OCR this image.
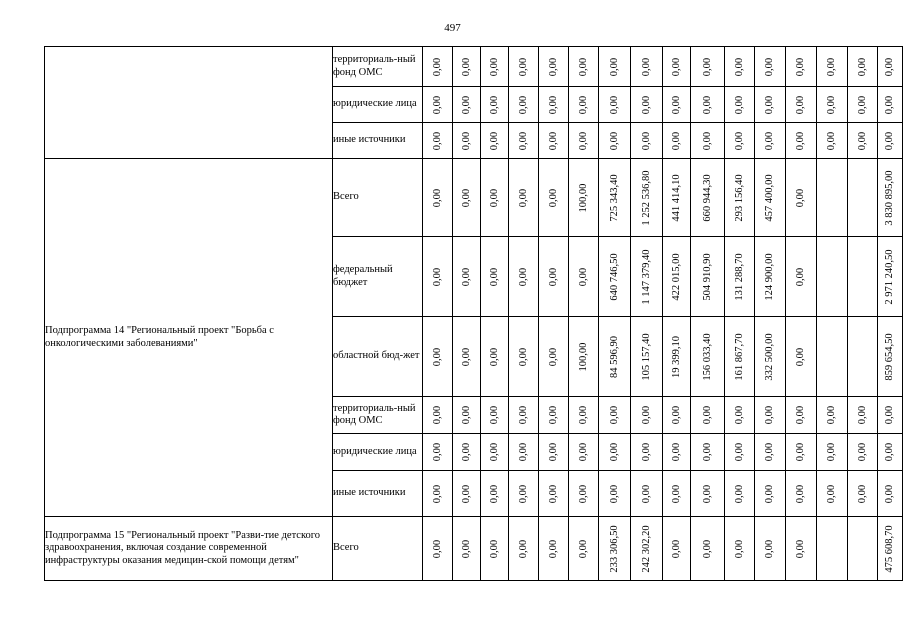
497
	территориаль-ный фонд ОМС	0,00	0,00	0,00	0,00	0,00	0,00	0,00	0,00	0,00	0,00	0,00	0,00	0,00	0,00	0,00	0,00

	юридические лица	0,00	0,00	0,00	0,00	0,00	0,00	0,00	0,00	0,00	0,00	0,00	0,00	0,00	0,00	0,00	0,00

	иные источники	0,00	0,00	0,00	0,00	0,00	0,00	0,00	0,00	0,00	0,00	0,00	0,00	0,00	0,00	0,00	0,00

Подпрограмма 14 "Региональный проект "Борьба с онкологическими заболеваниями"	Всего	0,00	0,00	0,00	0,00	0,00	100,00	725 343,40	1 252 536,80	441 414,10	660 944,30	293 156,40	457 400,00	0,00			3 830 895,00

	федеральный бюджет	0,00	0,00	0,00	0,00	0,00	0,00	640 746,50	1 147 379,40	422 015,00	504 910,90	131 288,70	124 900,00	0,00			2 971 240,50

	областной бюд-жет	0,00	0,00	0,00	0,00	0,00	100,00	84 596,90	105 157,40	19 399,10	156 033,40	161 867,70	332 500,00	0,00			859 654,50

	территориаль-ный фонд ОМС	0,00	0,00	0,00	0,00	0,00	0,00	0,00	0,00	0,00	0,00	0,00	0,00	0,00	0,00	0,00	0,00

	юридические лица	0,00	0,00	0,00	0,00	0,00	0,00	0,00	0,00	0,00	0,00	0,00	0,00	0,00	0,00	0,00	0,00

	иные источники	0,00	0,00	0,00	0,00	0,00	0,00	0,00	0,00	0,00	0,00	0,00	0,00	0,00	0,00	0,00	0,00

Подпрограмма 15 "Региональный проект "Разви-тие детского здравоохранения, включая создание современной инфраструктуры оказания медицин-ской помощи детям"	Всего	0,00	0,00	0,00	0,00	0,00	0,00	233 306,50	242 302,20	0,00	0,00	0,00	0,00	0,00			475 608,70
